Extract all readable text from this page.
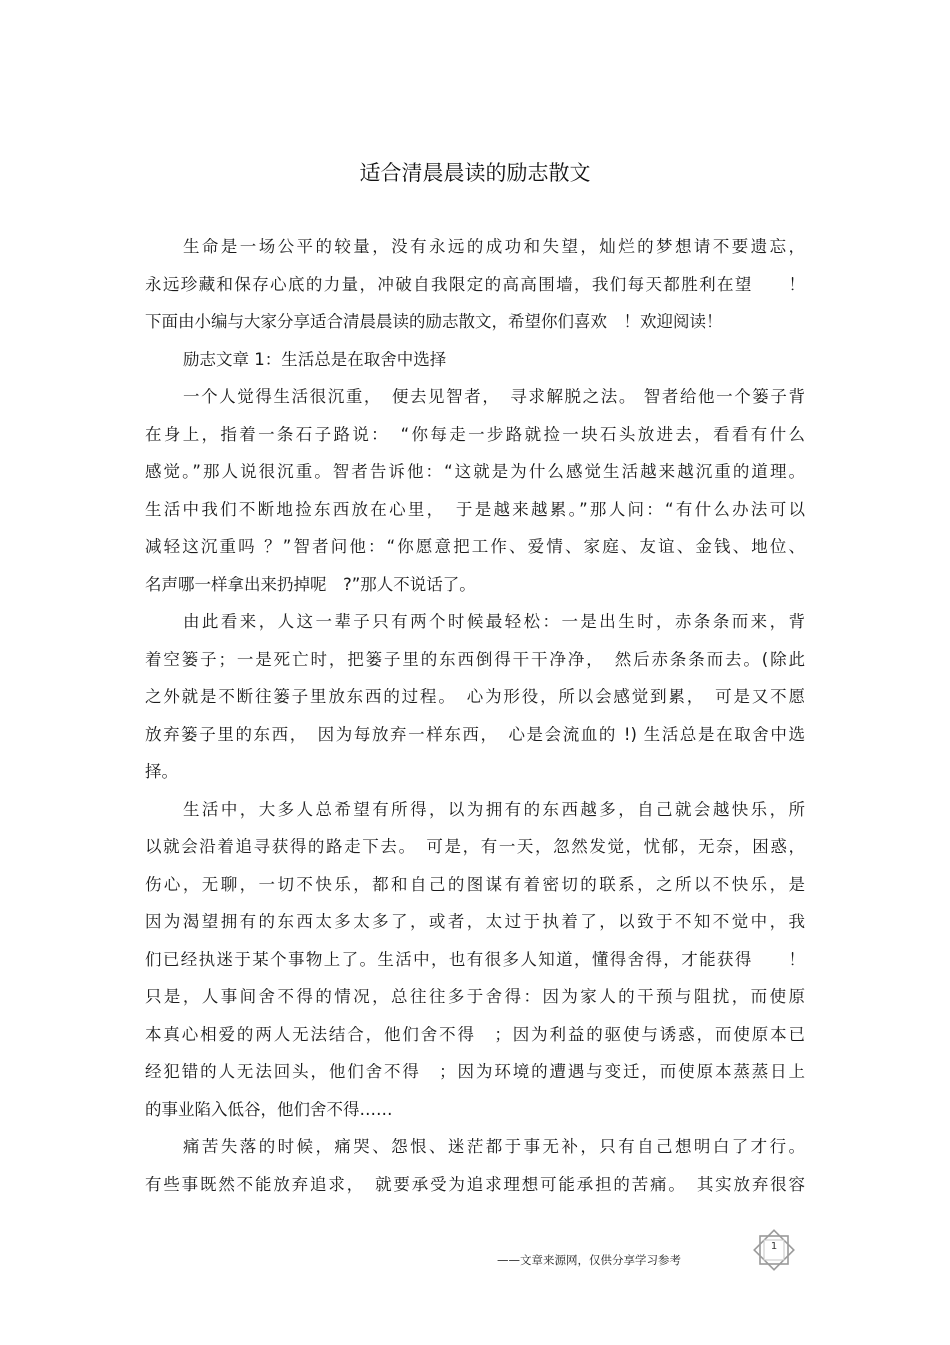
适合清晨晨读的励志散文

生命是一场公平的较量，没有永远的成功和失望，灿烂的梦想请不要遗忘，
永远珍藏和保存心底的力量，冲破自我限定的高高围墙，我们每天都胜利在望　　！
下面由小编与大家分享适合清晨晨读的励志散文，希望你们喜欢　！欢迎阅读！

励志文章 1：生活总是在取舍中选择

一个人觉得生活很沉重，　便去见智者，　寻求解脱之法。 智者给他一个篓子背
在身上，指着一条石子路说：　“你每走一步路就捡一块石头放进去，看看有什么
感觉。”那人说很沉重。智者告诉他：“这就是为什么感觉生活越来越沉重的道理。
生活中我们不断地捡东西放在心里，　于是越来越累。”那人问：“有什么办法可以
减轻这沉重吗 ？”智者问他：“你愿意把工作、爱情、家庭、友谊、金钱、地位、
名声哪一样拿出来扔掉呢　?”那人不说话了。

由此看来，人这一辈子只有两个时候最轻松：一是出生时，赤条条而来，背
着空篓子；一是死亡时，把篓子里的东西倒得干干净净，　然后赤条条而去。(除此
之外就是不断往篓子里放东西的过程。　心为形役，所以会感觉到累，　可是又不愿
放弃篓子里的东西，　因为每放弃一样东西，　心是会流血的 !) 生活总是在取舍中选
择。

生活中，大多人总希望有所得，以为拥有的东西越多，自己就会越快乐，所
以就会沿着追寻获得的路走下去。　可是，有一天，忽然发觉，忧郁，无奈，困惑，
伤心，无聊，一切不快乐，都和自己的图谋有着密切的联系，之所以不快乐，是
因为渴望拥有的东西太多太多了，或者，太过于执着了，以致于不知不觉中，我
们已经执迷于某个事物上了。生活中，也有很多人知道，懂得舍得，才能获得　　！
只是，人事间舍不得的情况，总往往多于舍得：因为家人的干预与阻扰，而使原
本真心相爱的两人无法结合，他们舍不得　；因为利益的驱使与诱惑，而使原本已
经犯错的人无法回头，他们舍不得　；因为环境的遭遇与变迁，而使原本蒸蒸日上
的事业陷入低谷，他们舍不得……

痛苦失落的时候，痛哭、怨恨、迷茫都于事无补，只有自己想明白了才行。
有些事既然不能放弃追求，　就要承受为追求理想可能承担的苦痛。　其实放弃很容

——文章来源网，仅供分享学习参考
1
